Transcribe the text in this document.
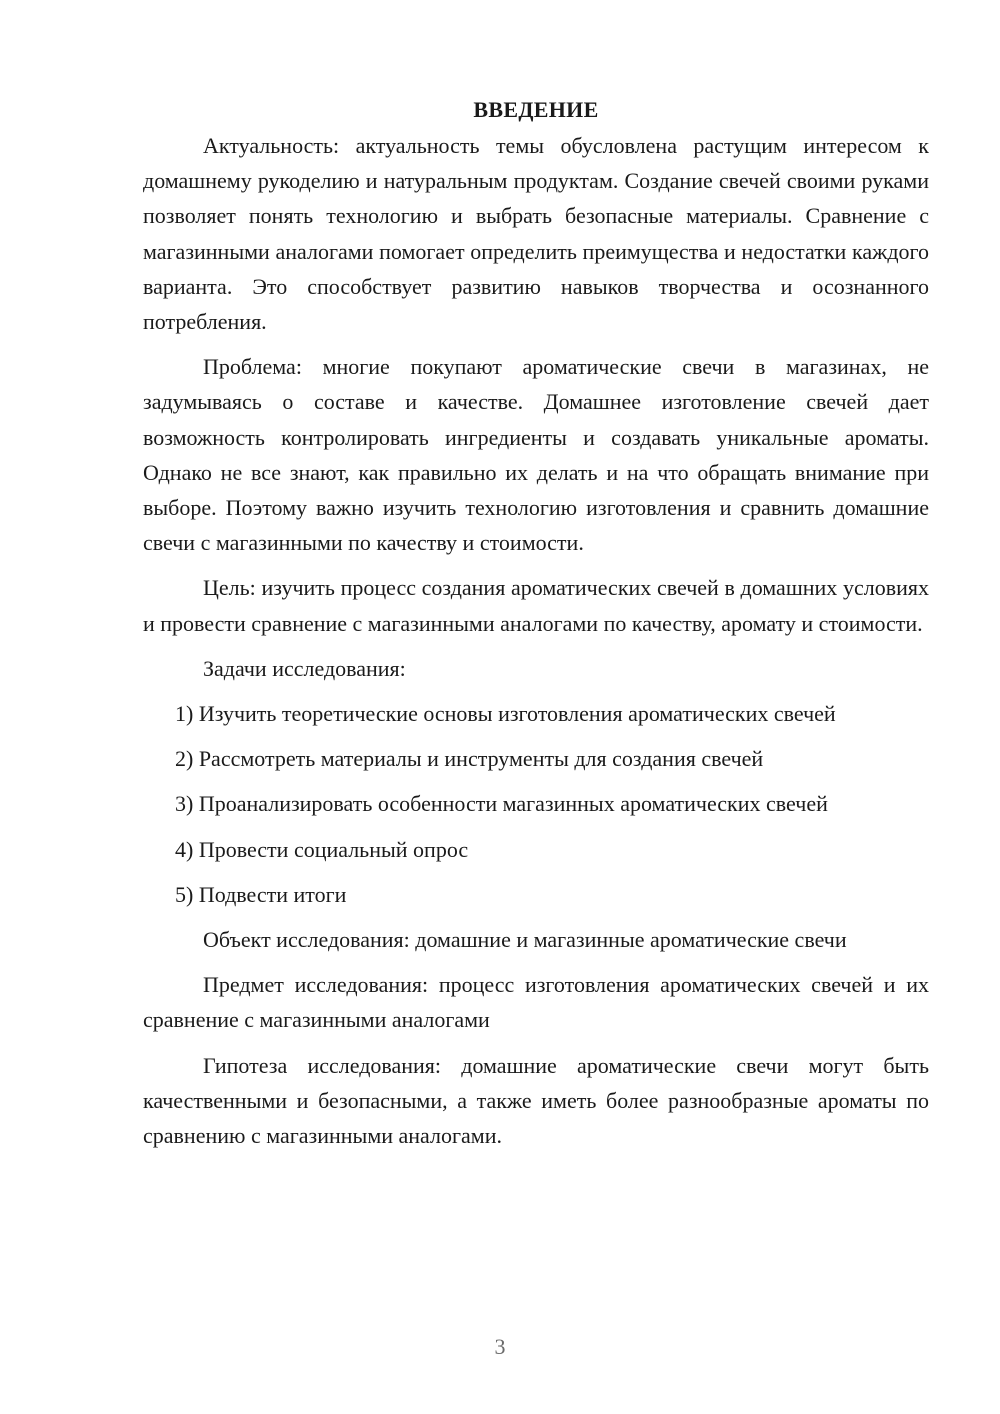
ВВЕДЕНИЕ

Актуальность: актуальность темы обусловлена растущим интересом к домашнему рукоделию и натуральным продуктам. Создание свечей своими руками позволяет понять технологию и выбрать безопасные материалы. Сравнение с магазинными аналогами помогает определить преимущества и недостатки каждого варианта. Это способствует развитию навыков творчества и осознанного потребления.

Проблема: многие покупают ароматические свечи в магазинах, не задумываясь о составе и качестве. Домашнее изготовление свечей дает возможность контролировать ингредиенты и создавать уникальные ароматы. Однако не все знают, как правильно их делать и на что обращать внимание при выборе. Поэтому важно изучить технологию изготовления и сравнить домашние свечи с магазинными по качеству и стоимости.

Цель: изучить процесс создания ароматических свечей в домашних условиях и провести сравнение с магазинными аналогами по качеству, аромату и стоимости.

Задачи исследования:

1) Изучить теоретические основы изготовления ароматических свечей
2) Рассмотреть материалы и инструменты для создания свечей
3) Проанализировать особенности магазинных ароматических свечей
4) Провести социальный опрос
5) Подвести итоги

Объект исследования: домашние и магазинные ароматические свечи

Предмет исследования: процесс изготовления ароматических свечей и их сравнение с магазинными аналогами

Гипотеза исследования: домашние ароматические свечи могут быть качественными и безопасными, а также иметь более разнообразные ароматы по сравнению с магазинными аналогами.

3
